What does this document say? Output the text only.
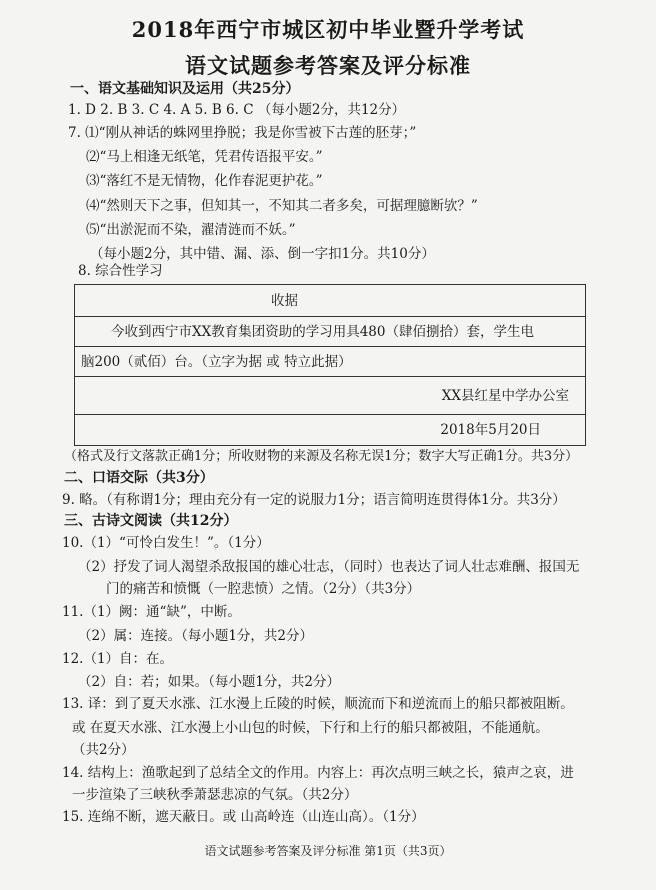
2018年西宁市城区初中毕业暨升学考试
语文试题参考答案及评分标准
一、语文基础知识及运用（共25分）
1. D 2. B 3. C 4. A 5. B 6. C （每小题2分，共12分）
7. ⑴“刚从神话的蛛网里挣脱；我是你雪被下古莲的胚芽；”
⑵“马上相逢无纸笔，凭君传语报平安。”
⑶“落红不是无情物，化作春泥更护花。”
⑷“然则天下之事，但知其一，不知其二者多矣，可据理臆断欤？”
⑸“出淤泥而不染，濯清涟而不妖。”
（每小题2分，其中错、漏、添、倒一字扣1分。共10分）
8. 综合性学习
收据
今收到西宁市XX教育集团资助的学习用具480（肆佰捌拾）套，学生电
脑200（贰佰）台。（立字为据 或 特立此据）
XX县红星中学办公室
2018年5月20日
（格式及行文落款正确1分；所收财物的来源及名称无误1分；数字大写正确1分。共3分）
二、口语交际（共3分）
9. 略。（有称谓1分；理由充分有一定的说服力1分；语言简明连贯得体1分。共3分）
三、古诗文阅读（共12分）
10.（1）“可怜白发生！”。（1分）
（2）抒发了词人渴望杀敌报国的雄心壮志，（同时）也表达了词人壮志难酬、报国无
门的痛苦和愤慨（一腔悲愤）之情。（2分）（共3分）
11.（1）阙：通“缺”，中断。
（2）属：连接。（每小题1分，共2分）
12.（1）自：在。
（2）自：若；如果。（每小题1分，共2分）
13. 译：到了夏天水涨、江水漫上丘陵的时候，顺流而下和逆流而上的船只都被阻断。
或 在夏天水涨、江水漫上小山包的时候，下行和上行的船只都被阻，不能通航。
（共2分）
14. 结构上：渔歌起到了总结全文的作用。内容上：再次点明三峡之长，猿声之哀，进
一步渲染了三峡秋季萧瑟悲凉的气氛。（共2分）
15. 连绵不断，遮天蔽日。或 山高岭连（山连山高）。（1分）
语文试题参考答案及评分标准 第1页（共3页）
